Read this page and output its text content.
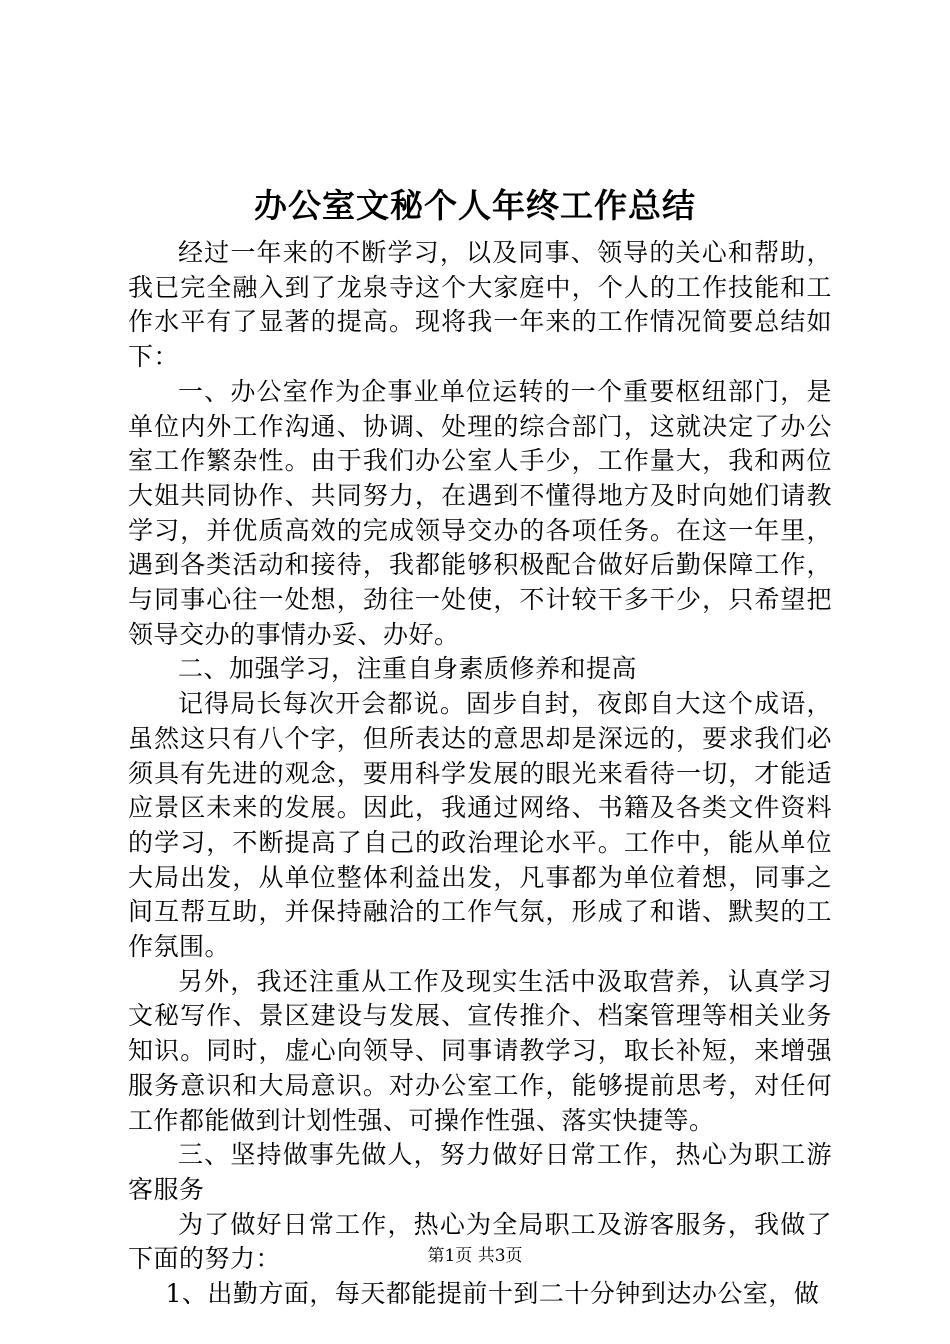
办公室文秘个人年终工作总结

经过一年来的不断学习，以及同事、领导的关心和帮助，我已完全融入到了龙泉寺这个大家庭中，个人的工作技能和工作水平有了显著的提高。现将我一年来的工作情况简要总结如下：

一、办公室作为企事业单位运转的一个重要枢纽部门，是单位内外工作沟通、协调、处理的综合部门，这就决定了办公室工作繁杂性。由于我们办公室人手少，工作量大，我和两位大姐共同协作、共同努力，在遇到不懂得地方及时向她们请教学习，并优质高效的完成领导交办的各项任务。在这一年里，遇到各类活动和接待，我都能够积极配合做好后勤保障工作，与同事心往一处想，劲往一处使，不计较干多干少，只希望把领导交办的事情办妥、办好。

二、加强学习，注重自身素质修养和提高

记得局长每次开会都说。固步自封，夜郎自大这个成语，虽然这只有八个字，但所表达的意思却是深远的，要求我们必须具有先进的观念，要用科学发展的眼光来看待一切，才能适应景区未来的发展。因此，我通过网络、书籍及各类文件资料的学习，不断提高了自己的政治理论水平。工作中，能从单位大局出发，从单位整体利益出发，凡事都为单位着想，同事之间互帮互助，并保持融洽的工作气氛，形成了和谐、默契的工作氛围。

另外，我还注重从工作及现实生活中汲取营养，认真学习文秘写作、景区建设与发展、宣传推介、档案管理等相关业务知识。同时，虚心向领导、同事请教学习，取长补短，来增强服务意识和大局意识。对办公室工作，能够提前思考，对任何工作都能做到计划性强、可操作性强、落实快捷等。

三、坚持做事先做人，努力做好日常工作，热心为职工游客服务

为了做好日常工作，热心为全局职工及游客服务，我做了下面的努力：

1、出勤方面，每天都能提前十到二十分钟到达办公室，做

第1页 共3页
